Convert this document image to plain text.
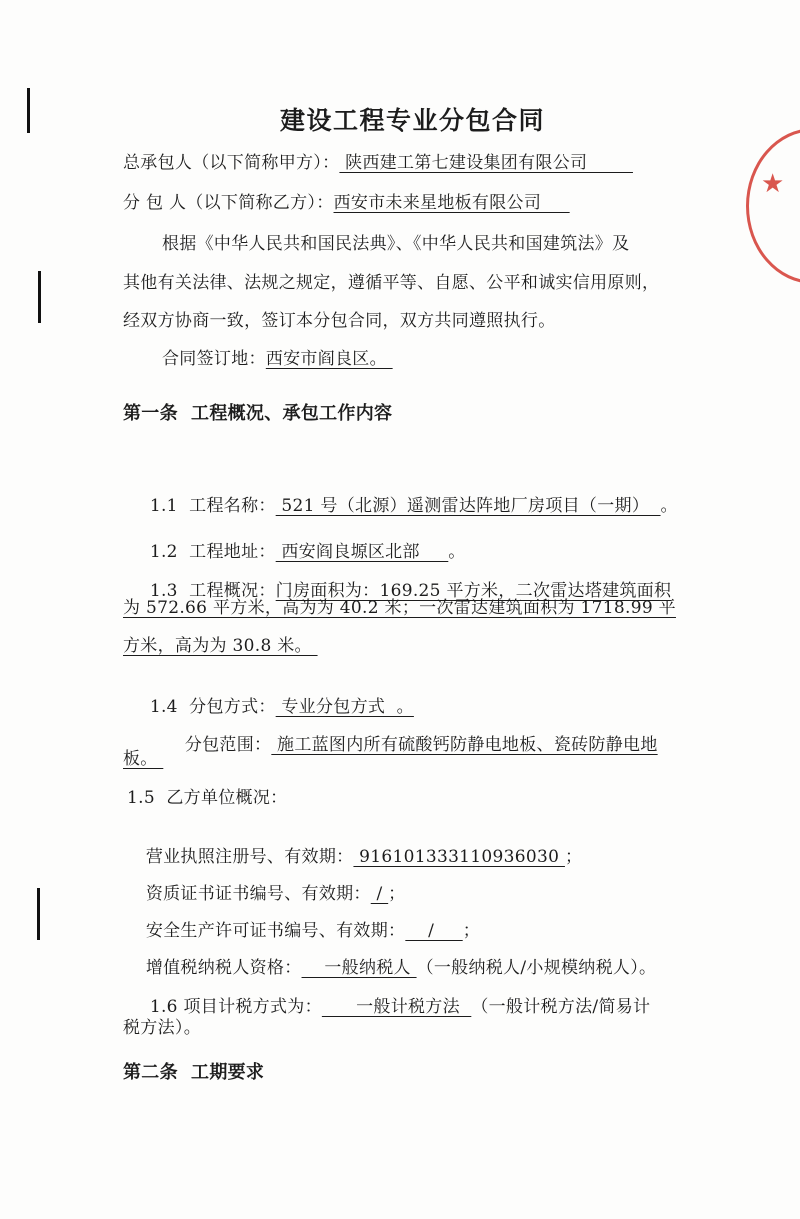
★
建设工程专业分包合同
总承包人（以下简称甲方）： 陕西建工第七建设集团有限公司
分 包 人（以下简称乙方）：西安市未来星地板有限公司
根据《中华人民共和国民法典》、《中华人民共和国建筑法》及
其他有关法律、法规之规定，遵循平等、自愿、公平和诚实信用原则，
经双方协商一致，签订本分包合同，双方共同遵照执行。
合同签订地：西安市阎良区。
第一条  工程概况、承包工作内容

1.1  工程名称： 521 号（北源）遥测雷达阵地厂房项目（一期）  。

1.2  工程地址： 西安阎良塬区北部     。

1.3  工程概况：门房面积为：169.25 平方米，二次雷达塔建筑面积

为 572.66 平方米，高为为 40.2 米；一次雷达建筑面积为 1718.99 平
方米，高为为 30.8 米。

1.4  分包方式： 专业分包方式  。

分包范围： 施工蓝图内所有硫酸钙防静电地板、瓷砖防静电地

板。
1.5  乙方单位概况：

营业执照注册号、有效期： 916101333110936030 ；

资质证书证书编号、有效期： / ；

安全生产许可证书编号、有效期：    /     ；

增值税纳税人资格：    一般纳税人 （一般纳税人/小规模纳税人）。

1.6 项目计税方式为：      一般计税方法  （一般计税方法/简易计

税方法）。
第二条  工期要求
